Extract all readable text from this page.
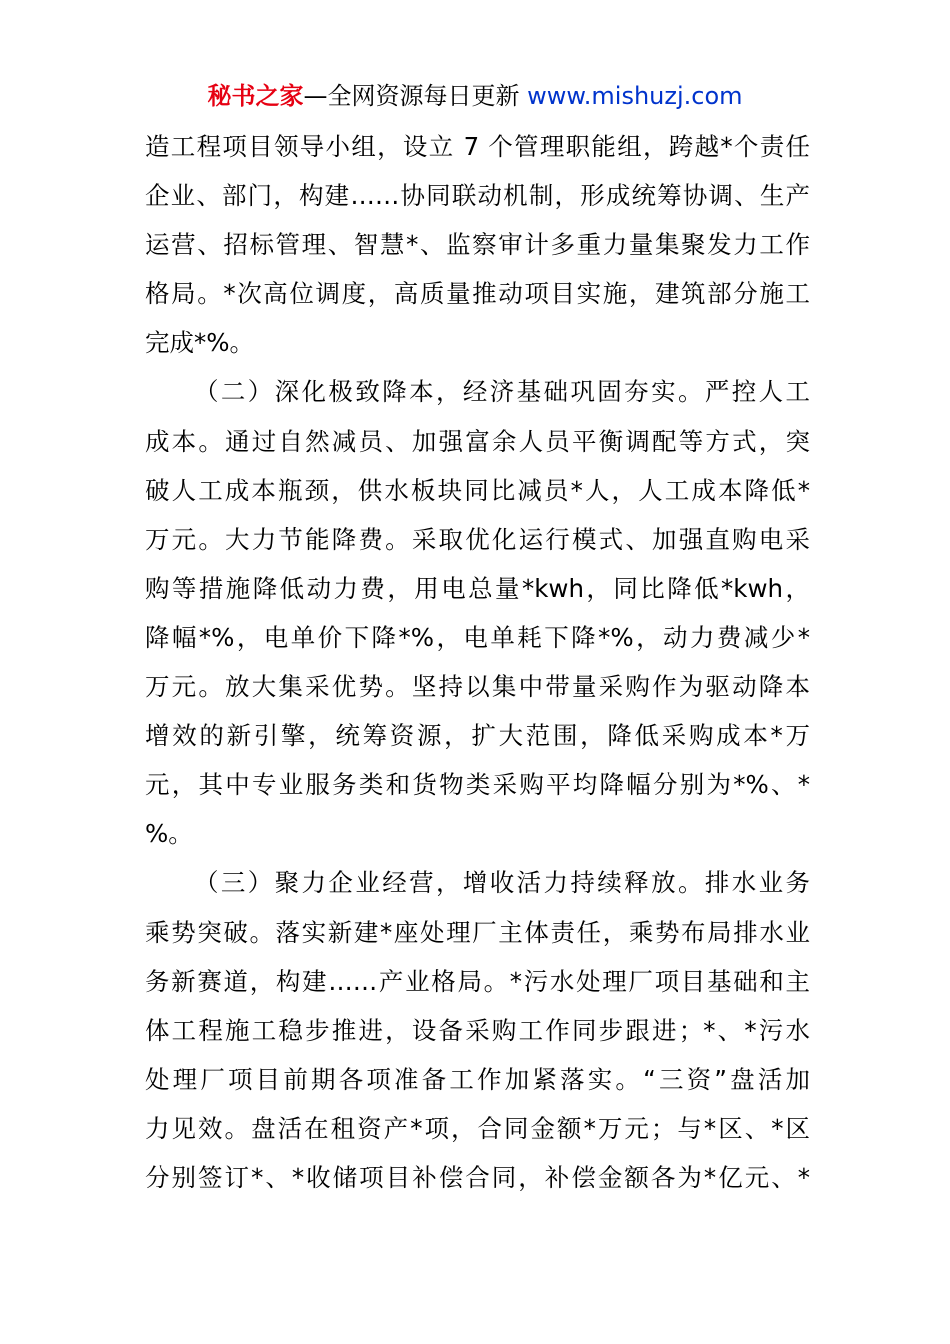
秘书之家—全网资源每日更新 www.mishuzj.com
造工程项目领导小组，设立 7 个管理职能组，跨越*个责任
企业、部门，构建……协同联动机制，形成统筹协调、生产
运营、招标管理、智慧*、监察审计多重力量集聚发力工作
格局。*次高位调度，高质量推动项目实施，建筑部分施工
完成*%。
（二）深化极致降本，经济基础巩固夯实。严控人工
成本。通过自然减员、加强富余人员平衡调配等方式，突
破人工成本瓶颈，供水板块同比减员*人，人工成本降低*
万元。大力节能降费。采取优化运行模式、加强直购电采
购等措施降低动力费，用电总量*kwh，同比降低*kwh，
降幅*%，电单价下降*%，电单耗下降*%，动力费减少*
万元。放大集采优势。坚持以集中带量采购作为驱动降本
增效的新引擎，统筹资源，扩大范围，降低采购成本*万
元，其中专业服务类和货物类采购平均降幅分别为*%、*
%。
（三）聚力企业经营，增收活力持续释放。排水业务
乘势突破。落实新建*座处理厂主体责任，乘势布局排水业
务新赛道，构建……产业格局。*污水处理厂项目基础和主
体工程施工稳步推进，设备采购工作同步跟进；*、*污水
处理厂项目前期各项准备工作加紧落实。“三资”盘活加
力见效。盘活在租资产*项，合同金额*万元；与*区、*区
分别签订*、*收储项目补偿合同，补偿金额各为*亿元、*
